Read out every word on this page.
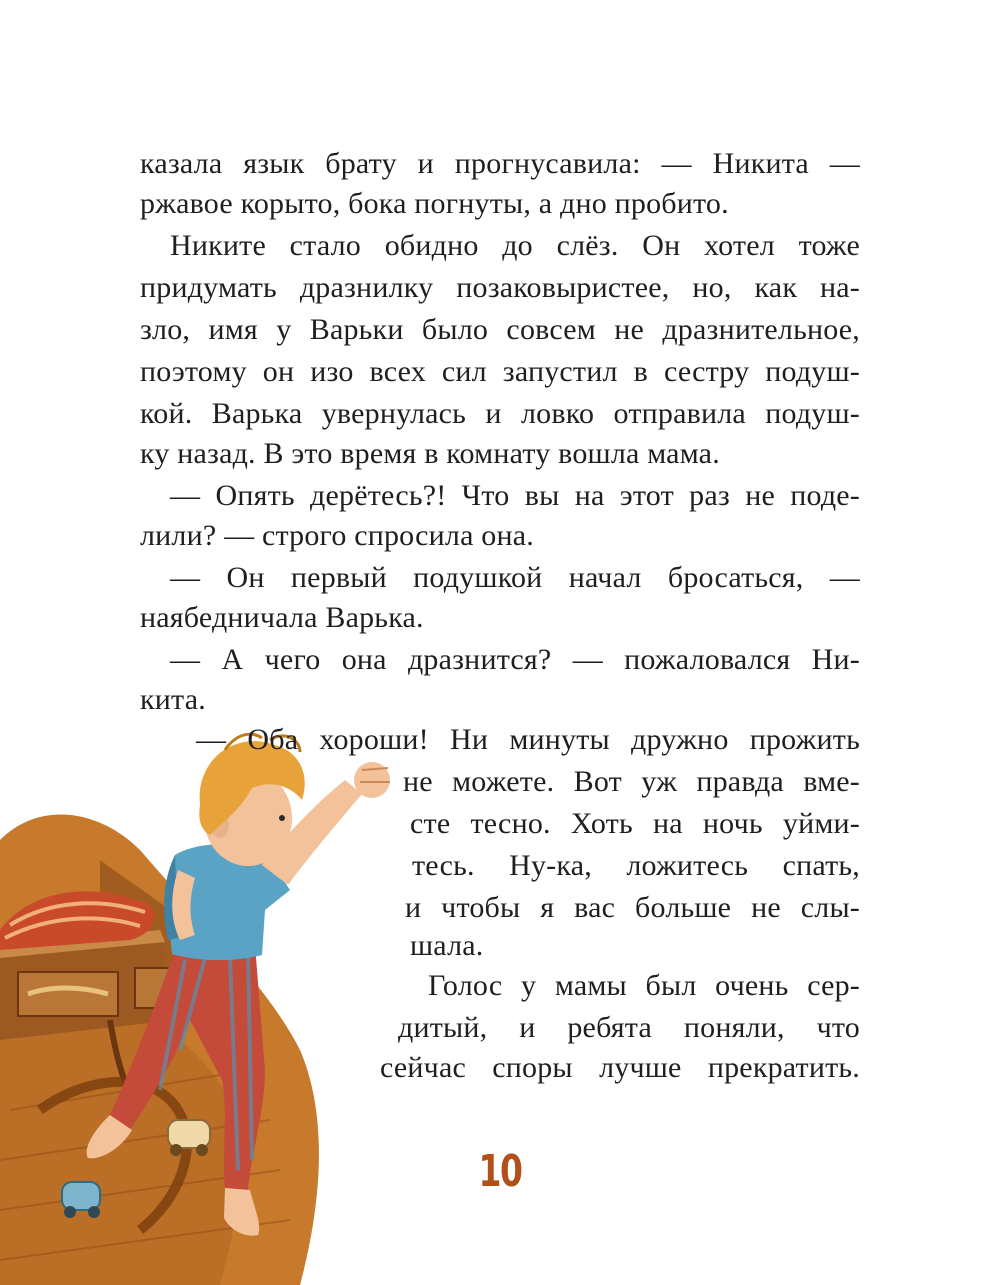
казала язык брату и прогнусавила: — Никита —
ржавое корыто, бока погнуты, а дно пробито.
Никите стало обидно до слёз. Он хотел тоже
придумать дразнилку позаковыристее, но, как на-
зло, имя у Варьки было совсем не дразнительное,
поэтому он изо всех сил запустил в сестру подуш-
кой. Варька увернулась и ловко отправила подуш-
ку назад. В это время в комнату вошла мама.
— Опять дерётесь?! Что вы на этот раз не поде-
лили? — строго спросила она.
— Он первый подушкой начал бросаться, —
наябедничала Варька.
— А чего она дразнится? — пожаловался Ни-
кита.
— Оба хороши! Ни минуты дружно прожить
не можете. Вот уж правда вме-
сте тесно. Хоть на ночь уйми-
тесь. Ну-ка, ложитесь спать,
и чтобы я вас больше не слы-
шала.
Голос у мамы был очень сер-
дитый, и ребята поняли, что
сейчас споры лучше прекратить.
10
